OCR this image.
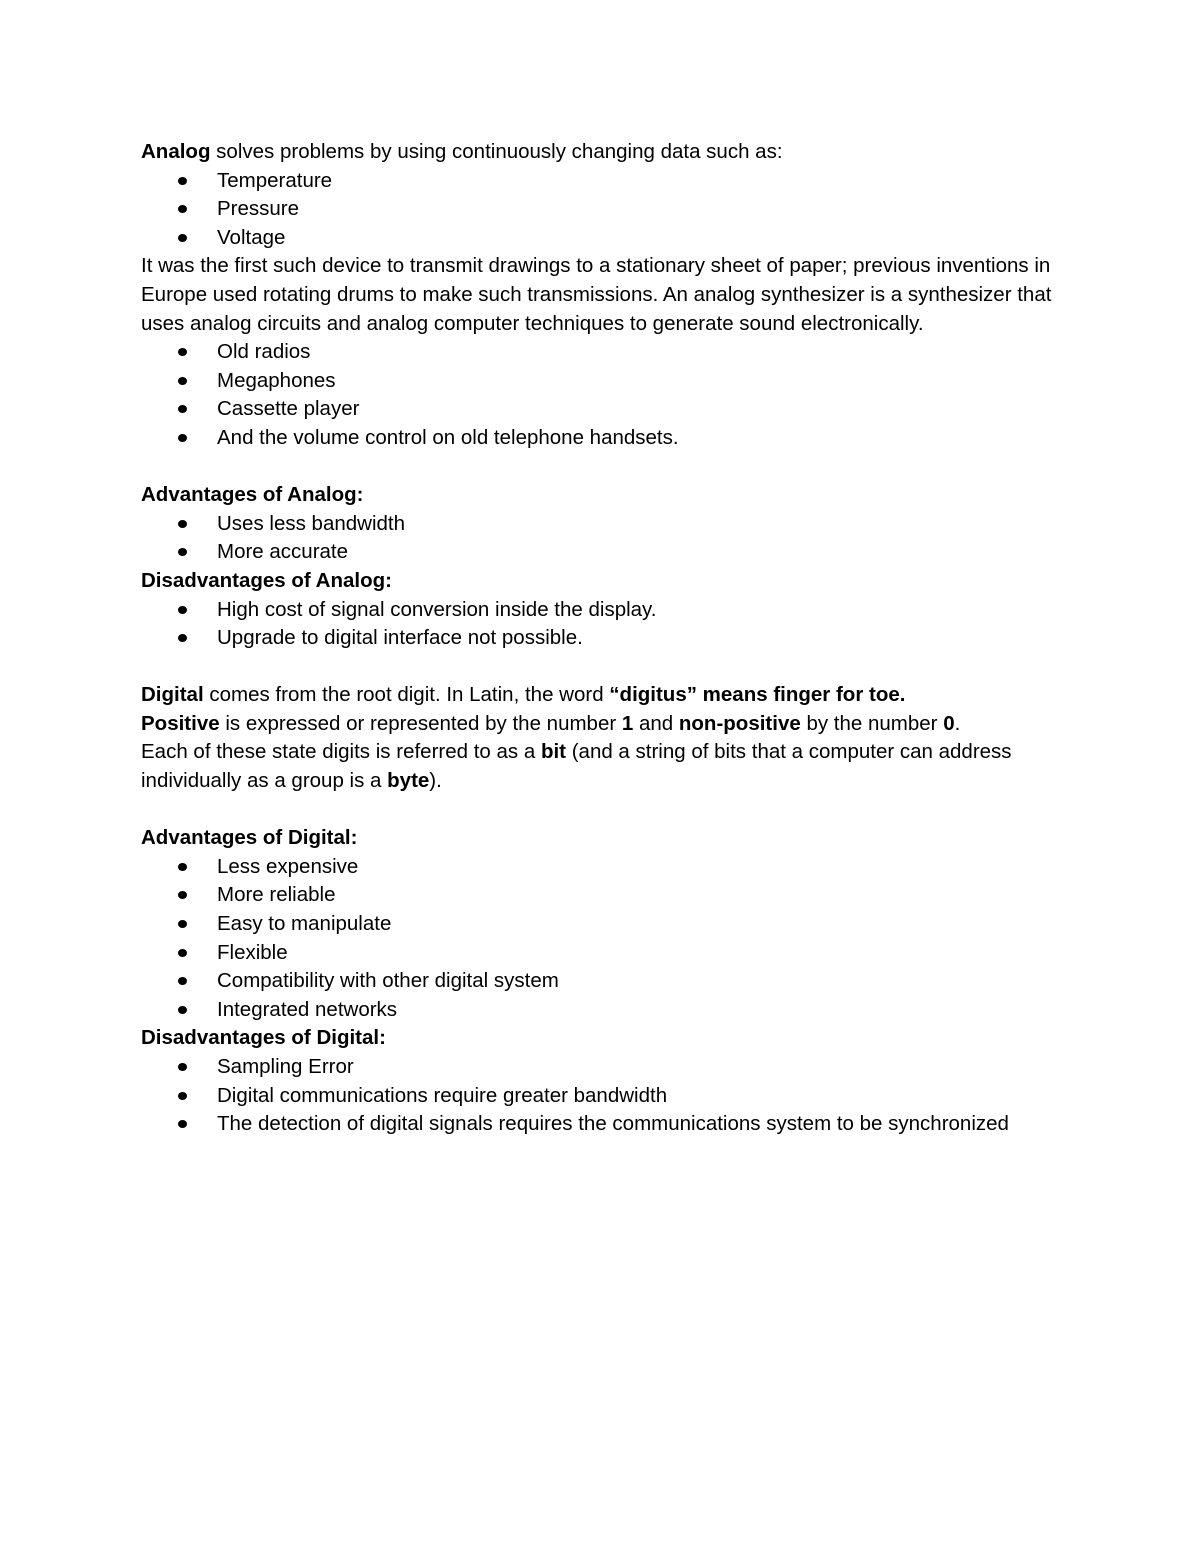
Analog solves problems by using continuously changing data such as:

Temperature
Pressure
Voltage

It was the first such device to transmit drawings to a stationary sheet of paper; previous inventions in Europe used rotating drums to make such transmissions. An analog synthesizer is a synthesizer that uses analog circuits and analog computer techniques to generate sound electronically.

Old radios
Megaphones
Cassette player
And the volume control on old telephone handsets.

Advantages of Analog:

Uses less bandwidth
More accurate

Disadvantages of Analog:

High cost of signal conversion inside the display.
Upgrade to digital interface not possible.

Digital comes from the root digit. In Latin, the word “digitus” means finger for toe.

Positive is expressed or represented by the number 1 and non-positive by the number 0.

Each of these state digits is referred to as a bit (and a string of bits that a computer can address individually as a group is a byte).

Advantages of Digital:

Less expensive
More reliable
Easy to manipulate
Flexible
Compatibility with other digital system
Integrated networks

Disadvantages of Digital:

Sampling Error
Digital communications require greater bandwidth
The detection of digital signals requires the communications system to be synchronized
